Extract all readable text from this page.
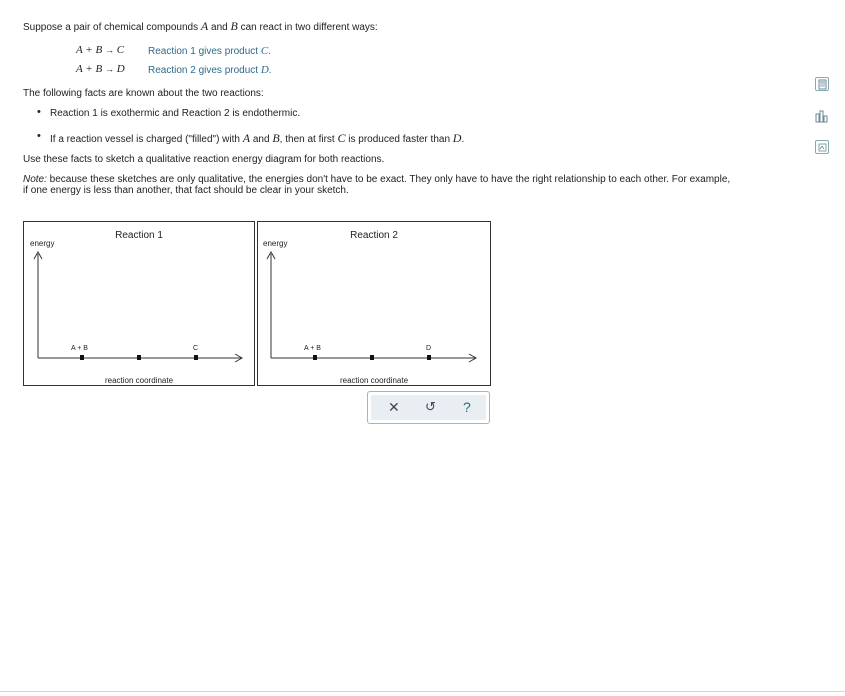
Suppose a pair of chemical compounds A and B can react in two different ways:
A + B → C Reaction 1 gives product C.
A + B → D Reaction 2 gives product D.
The following facts are known about the two reactions:
• Reaction 1 is exothermic and Reaction 2 is endothermic.
• If a reaction vessel is charged ("filled") with A and B, then at first C is produced faster than D.
Use these facts to sketch a qualitative reaction energy diagram for both reactions.
Note: because these sketches are only qualitative, the energies don't have to be exact. They only have to have the right relationship to each other. For example,
if one energy is less than another, that fact should be clear in your sketch.
Reaction 1
energy
A + B	C
reaction coordinate
Reaction 2
energy
A + B	D
reaction coordinate
✕ ↺ ?
